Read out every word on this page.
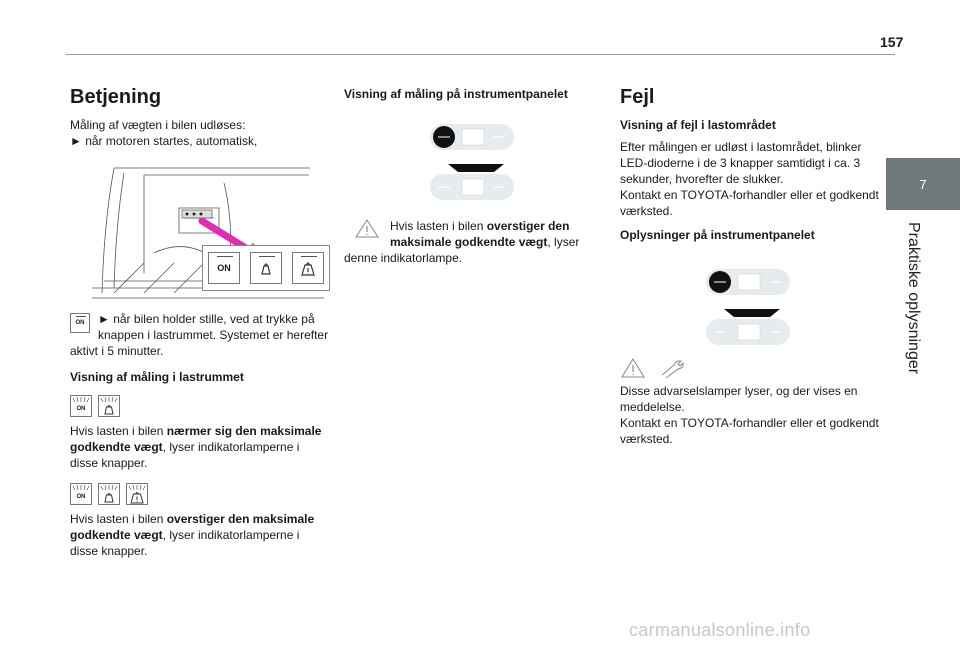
157
7
Praktiske oplysninger
Betjening

Måling af vægten i bilen udløses:

► når motoren startes, automatisk,

ON
ON	► når bilen holder stille, ved at trykke på knappen i lastrummet. Systemet er herefter aktivt i 5 minutter.

Visning af måling i lastrummet
ON

Hvis lasten i bilen nærmer sig den maksimale godkendte vægt, lyser indikatorlamperne i disse knapper.

ON

Hvis lasten i bilen overstiger den maksimale godkendte vægt, lyser indikatorlamperne i disse knapper.

Visning af måling på instrumentpanelet

Hvis lasten i bilen overstiger den maksimale godkendte vægt, lyser denne indikatorlampe.

Fejl
Visning af fejl i lastområdet

Efter målingen er udløst i lastområdet, blinker LED-dioderne i de 3 knapper samtidigt i ca. 3 sekunder, hvorefter de slukker.

Kontakt en TOYOTA-forhandler eller et godkendt værksted.

Oplysninger på instrumentpanelet

Disse advarselslamper lyser, og der vises en meddelelse.

Kontakt en TOYOTA-forhandler eller et godkendt værksted.

carmanualsonline.info
